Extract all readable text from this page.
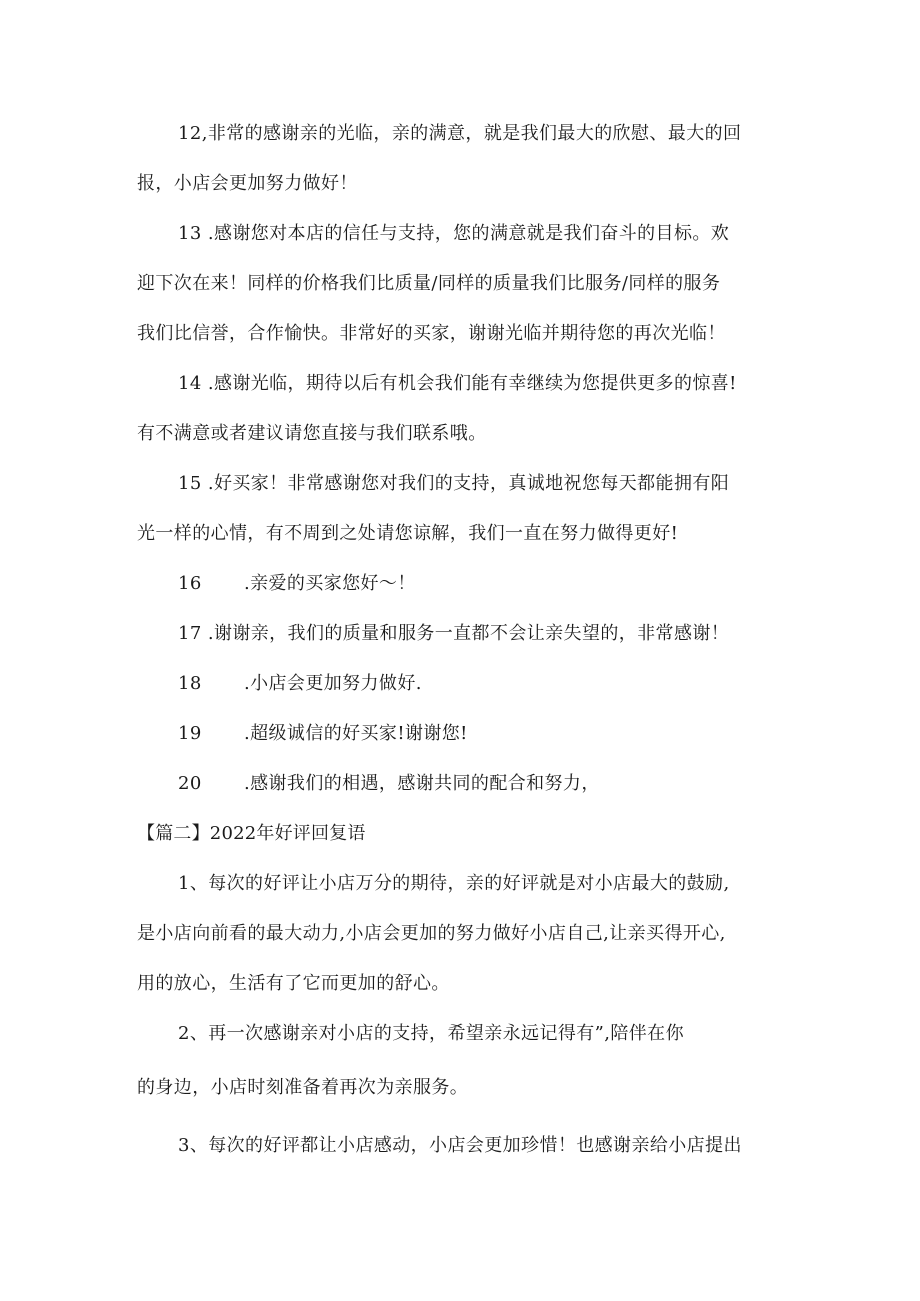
12,非常的感谢亲的光临，亲的满意，就是我们最大的欣慰、最大的回
报，小店会更加努力做好！
13 .感谢您对本店的信任与支持，您的满意就是我们奋斗的目标。欢
迎下次在来！同样的价格我们比质量/同样的质量我们比服务/同样的服务
我们比信誉，合作愉快。非常好的买家，谢谢光临并期待您的再次光临！
14 .感谢光临，期待以后有机会我们能有幸继续为您提供更多的惊喜!
有不满意或者建议请您直接与我们联系哦。
15 .好买家！非常感谢您对我们的支持，真诚地祝您每天都能拥有阳
光一样的心情，有不周到之处请您谅解，我们一直在努力做得更好!
16 .亲爱的买家您好～！
17 .谢谢亲，我们的质量和服务一直都不会让亲失望的，非常感谢！
18 .小店会更加努力做好.
19 .超级诚信的好买家!谢谢您!
20 .感谢我们的相遇，感谢共同的配合和努力，
【篇二】2022年好评回复语
1、每次的好评让小店万分的期待，亲的好评就是对小店最大的鼓励,
是小店向前看的最大动力,小店会更加的努力做好小店自己,让亲买得开心,
用的放心，生活有了它而更加的舒心。
2、再一次感谢亲对小店的支持，希望亲永远记得有”,陪伴在你
的身边，小店时刻准备着再次为亲服务。
3、每次的好评都让小店感动，小店会更加珍惜！也感谢亲给小店提出
